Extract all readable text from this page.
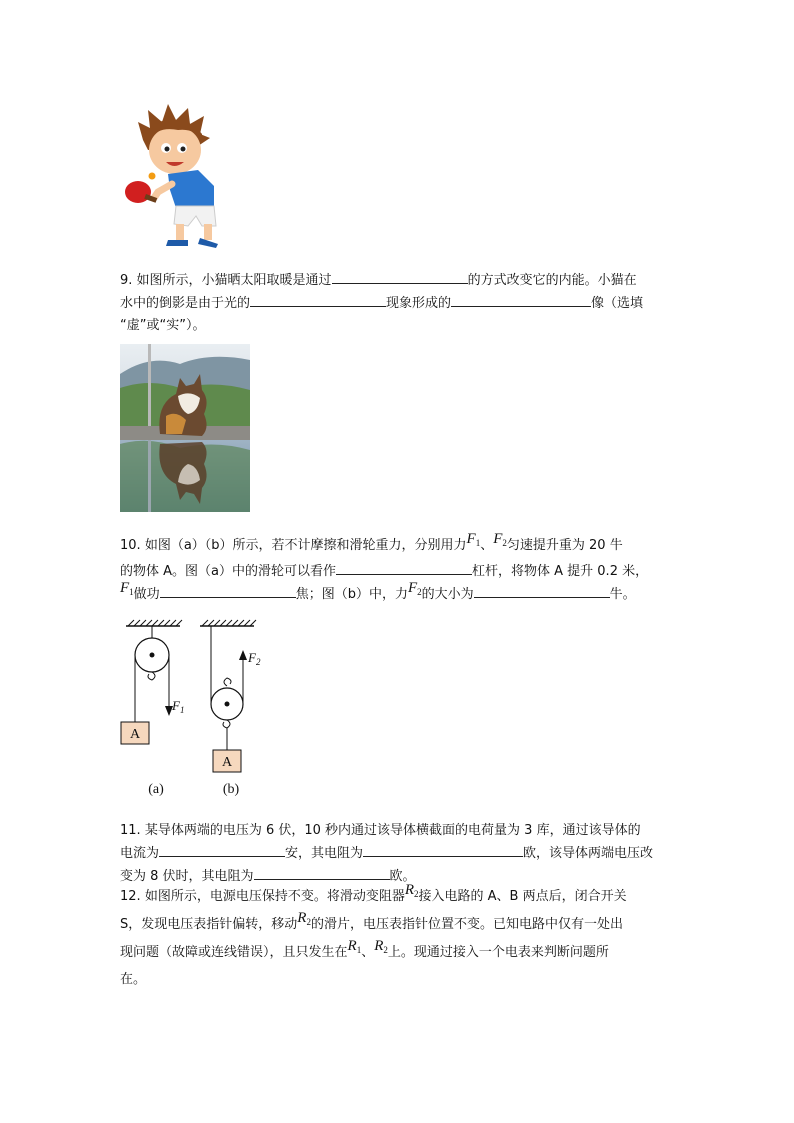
9. 如图所示，小猫晒太阳取暖是通过	的方式改变它的内能。小猫在
水中的倒影是由于光的	现象形成的	像（选填
“虚”或“实”）。
10. 如图（a）（b）所示，若不计摩擦和滑轮重力，分别用力$F_1$、$F_2$匀速提升重为 20 牛
的物体 A。图（a）中的滑轮可以看作	杠杆，将物体 A 提升 0.2 米，
$F_1$做功	焦；图（b）中，力$F_2$的大小为	牛。
$F_1$
A
(a)
$F_2$
A
(b)
11. 某导体两端的电压为 6 伏，10 秒内通过该导体横截面的电荷量为 3 库，通过该导体的
电流为	安，其电阻为	欧，该导体两端电压改
变为 8 伏时，其电阻为	欧。
12. 如图所示，电源电压保持不变。将滑动变阻器$R_2$接入电路的 A、B 两点后，闭合开关
S，发现电压表指针偏转，移动$R_2$的滑片，电压表指针位置不变。已知电路中仅有一处出
现问题（故障或连线错误），且只发生在$R_1$、$R_2$上。现通过接入一个电表来判断问题所
在。
